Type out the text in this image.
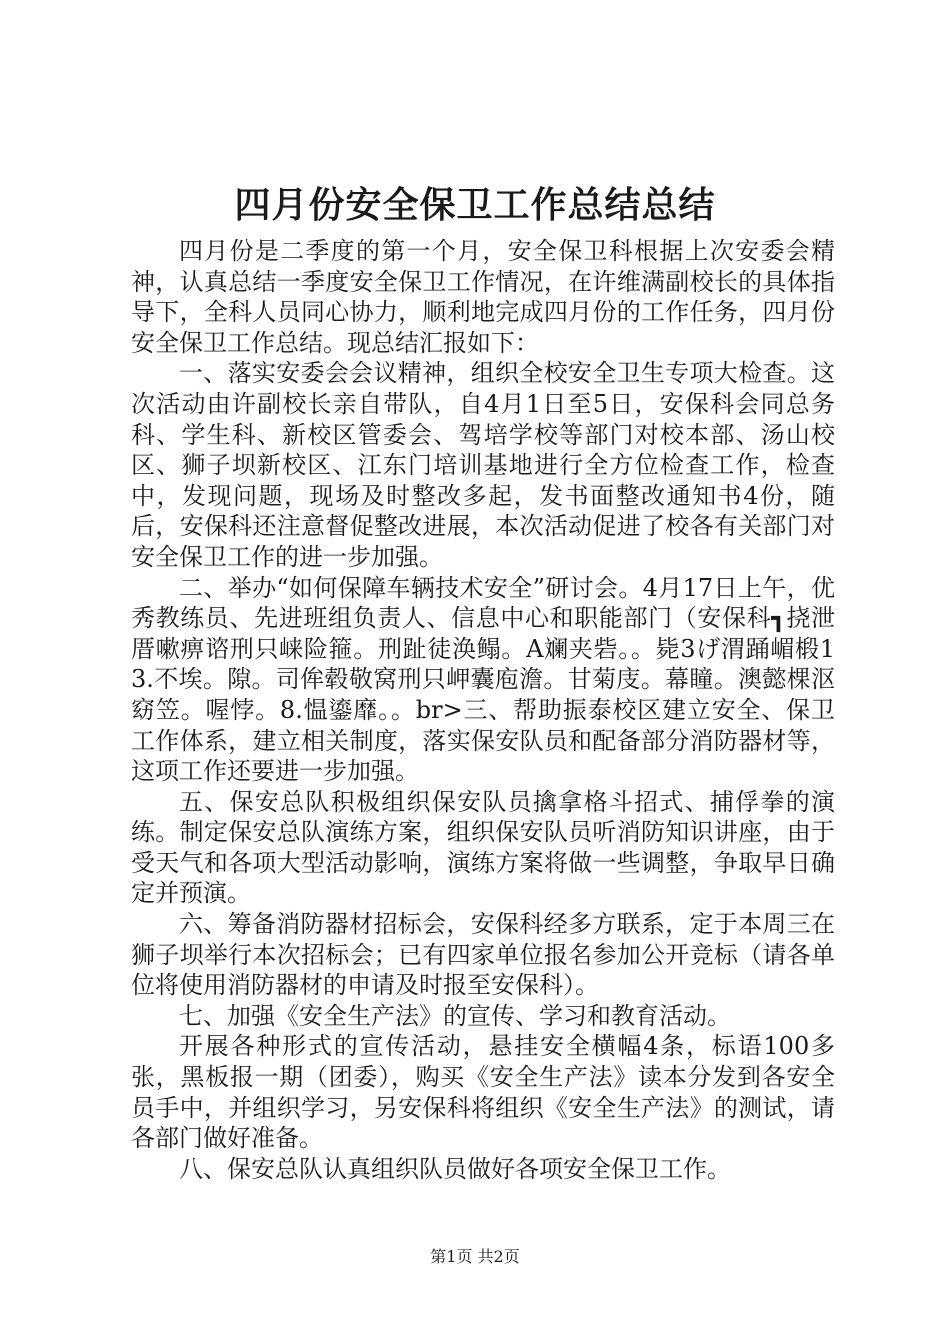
四月份安全保卫工作总结总结

四月份是二季度的第一个月，安全保卫科根据上次安委会精神，认真总结一季度安全保卫工作情况，在许维满副校长的具体指导下，全科人员同心协力，顺利地完成四月份的工作任务，四月份安全保卫工作总结。现总结汇报如下：

一、落实安委会会议精神，组织全校安全卫生专项大检查。这次活动由许副校长亲自带队，自4月1日至5日，安保科会同总务科、学生科、新校区管委会、驾培学校等部门对校本部、汤山校区、狮子坝新校区、江东门培训基地进行全方位检查工作，检查中，发现问题，现场及时整改多起，发书面整改通知书4份，随后，安保科还注意督促整改进展，本次活动促进了校各有关部门对安全保卫工作的进一步加强。

二、举办“如何保障车辆技术安全”研讨会。4月17日上午，优秀教练员、先进班组负责人、信息中心和职能部门（安保科┓挠泄厝嗽痹谘刑只崃险箍。刑趾徒涣鳎。A斓夹砦。。毙3げ渭踊嵋椴13.不埃。隙。司侔毂敬窝刑只岬囊庖澹。甘菊庋。幕瞳。澳懿棵沤窈笠。喔悖。8.愠鎏靡。。br>三、帮助振泰校区建立安全、保卫工作体系，建立相关制度，落实保安队员和配备部分消防器材等，这项工作还要进一步加强。

五、保安总队积极组织保安队员擒拿格斗招式、捕俘拳的演练。制定保安总队演练方案，组织保安队员听消防知识讲座，由于受天气和各项大型活动影响，演练方案将做一些调整，争取早日确定并预演。

六、筹备消防器材招标会，安保科经多方联系，定于本周三在狮子坝举行本次招标会；已有四家单位报名参加公开竞标（请各单位将使用消防器材的申请及时报至安保科）。

七、加强《安全生产法》的宣传、学习和教育活动。

开展各种形式的宣传活动，悬挂安全横幅4条，标语100多张，黑板报一期（团委），购买《安全生产法》读本分发到各安全员手中，并组织学习，另安保科将组织《安全生产法》的测试，请各部门做好准备。

八、保安总队认真组织队员做好各项安全保卫工作。

第1页 共2页
